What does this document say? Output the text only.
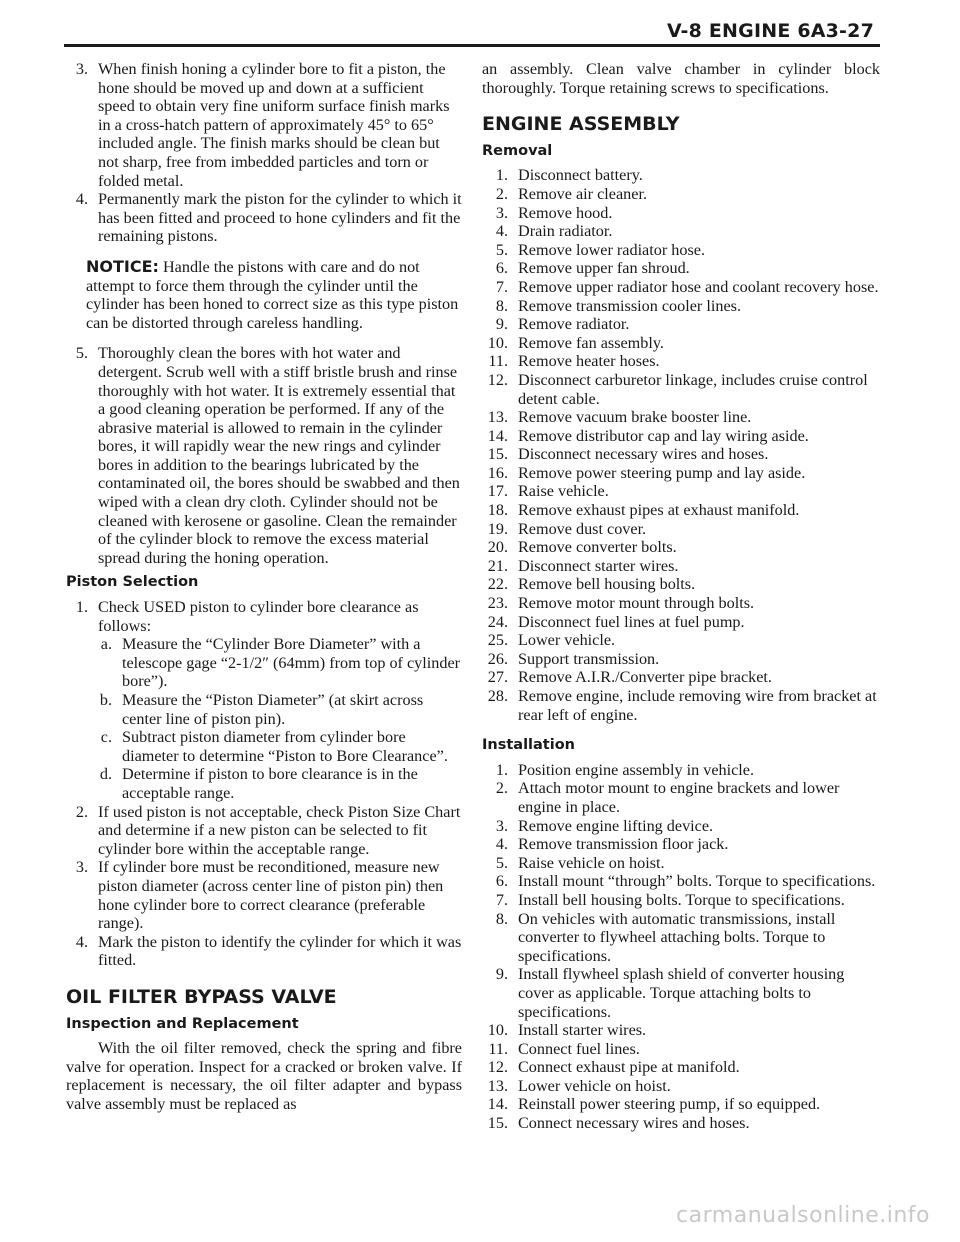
V-8 ENGINE 6A3-27
3. When finish honing a cylinder bore to fit a piston, the hone should be moved up and down at a sufficient speed to obtain very fine uniform surface finish marks in a cross-hatch pattern of approximately 45° to 65° included angle. The finish marks should be clean but not sharp, free from imbedded particles and torn or folded metal.
4. Permanently mark the piston for the cylinder to which it has been fitted and proceed to hone cylinders and fit the remaining pistons.
NOTICE: Handle the pistons with care and do not attempt to force them through the cylinder until the cylinder has been honed to correct size as this type piston can be distorted through careless handling.
5. Thoroughly clean the bores with hot water and detergent. Scrub well with a stiff bristle brush and rinse thoroughly with hot water. It is extremely essential that a good cleaning operation be performed. If any of the abrasive material is allowed to remain in the cylinder bores, it will rapidly wear the new rings and cylinder bores in addition to the bearings lubricated by the contaminated oil, the bores should be swabbed and then wiped with a clean dry cloth. Cylinder should not be cleaned with kerosene or gasoline. Clean the remainder of the cylinder block to remove the excess material spread during the honing operation.
Piston Selection
1. Check USED piston to cylinder bore clearance as follows:
a. Measure the “Cylinder Bore Diameter” with a telescope gage “2-1/2″ (64mm) from top of cylinder bore”).
b. Measure the “Piston Diameter” (at skirt across center line of piston pin).
c. Subtract piston diameter from cylinder bore diameter to determine “Piston to Bore Clearance”.
d. Determine if piston to bore clearance is in the acceptable range.
2. If used piston is not acceptable, check Piston Size Chart and determine if a new piston can be selected to fit cylinder bore within the acceptable range.
3. If cylinder bore must be reconditioned, measure new piston diameter (across center line of piston pin) then hone cylinder bore to correct clearance (preferable range).
4. Mark the piston to identify the cylinder for which it was fitted.
OIL FILTER BYPASS VALVE
Inspection and Replacement
With the oil filter removed, check the spring and fibre valve for operation. Inspect for a cracked or broken valve. If replacement is necessary, the oil filter adapter and bypass valve assembly must be replaced as
an assembly. Clean valve chamber in cylinder block thoroughly. Torque retaining screws to specifications.
ENGINE ASSEMBLY
Removal
1. Disconnect battery.
2. Remove air cleaner.
3. Remove hood.
4. Drain radiator.
5. Remove lower radiator hose.
6. Remove upper fan shroud.
7. Remove upper radiator hose and coolant recovery hose.
8. Remove transmission cooler lines.
9. Remove radiator.
10. Remove fan assembly.
11. Remove heater hoses.
12. Disconnect carburetor linkage, includes cruise control detent cable.
13. Remove vacuum brake booster line.
14. Remove distributor cap and lay wiring aside.
15. Disconnect necessary wires and hoses.
16. Remove power steering pump and lay aside.
17. Raise vehicle.
18. Remove exhaust pipes at exhaust manifold.
19. Remove dust cover.
20. Remove converter bolts.
21. Disconnect starter wires.
22. Remove bell housing bolts.
23. Remove motor mount through bolts.
24. Disconnect fuel lines at fuel pump.
25. Lower vehicle.
26. Support transmission.
27. Remove A.I.R./Converter pipe bracket.
28. Remove engine, include removing wire from bracket at rear left of engine.
Installation
1. Position engine assembly in vehicle.
2. Attach motor mount to engine brackets and lower engine in place.
3. Remove engine lifting device.
4. Remove transmission floor jack.
5. Raise vehicle on hoist.
6. Install mount “through” bolts. Torque to specifications.
7. Install bell housing bolts. Torque to specifications.
8. On vehicles with automatic transmissions, install converter to flywheel attaching bolts. Torque to specifications.
9. Install flywheel splash shield of converter housing cover as applicable. Torque attaching bolts to specifications.
10. Install starter wires.
11. Connect fuel lines.
12. Connect exhaust pipe at manifold.
13. Lower vehicle on hoist.
14. Reinstall power steering pump, if so equipped.
15. Connect necessary wires and hoses.
carmanualsonline.info
